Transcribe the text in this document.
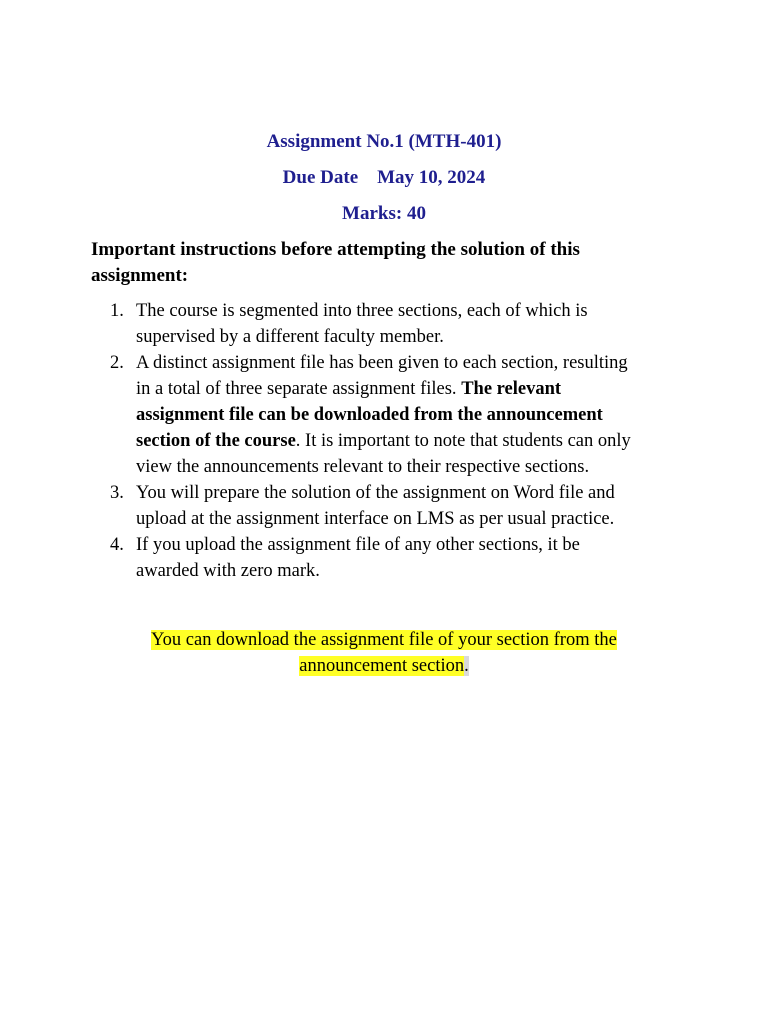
Assignment No.1 (MTH-401)
Due Date May 10, 2024
Marks: 40
Important instructions before attempting the solution of this
assignment:
1. The course is segmented into three sections, each of which is
supervised by a different faculty member.
2. A distinct assignment file has been given to each section, resulting
in a total of three separate assignment files. The relevant
assignment file can be downloaded from the announcement
section of the course. It is important to note that students can only
view the announcements relevant to their respective sections.
3. You will prepare the solution of the assignment on Word file and
upload at the assignment interface on LMS as per usual practice.
4. If you upload the assignment file of any other sections, it be
awarded with zero mark.
You can download the assignment file of your section from the
announcement section.
